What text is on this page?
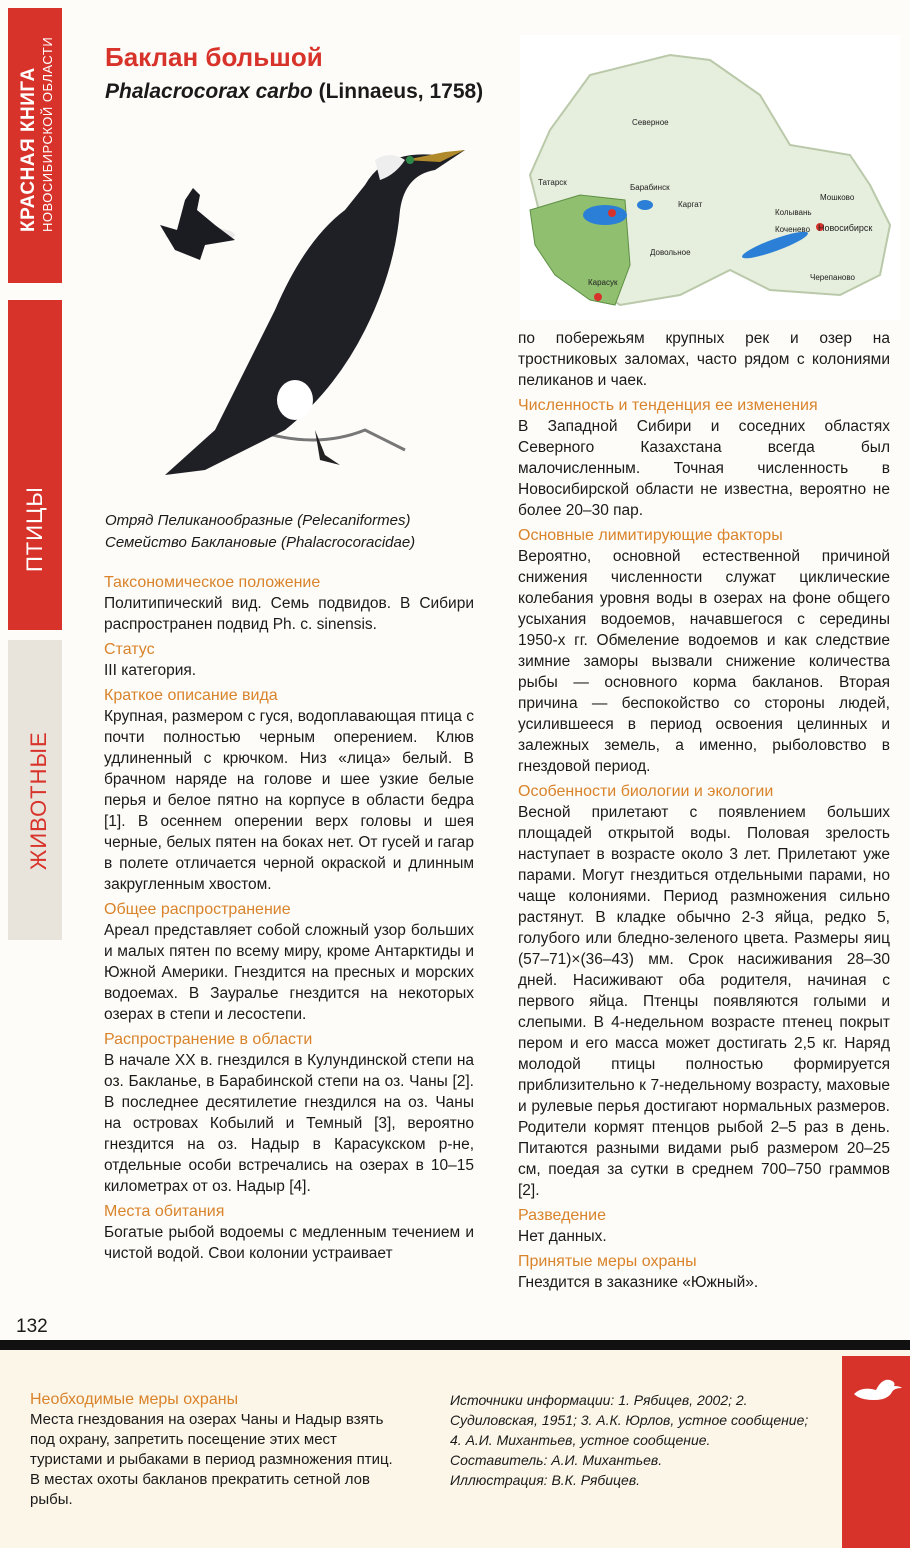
КРАСНАЯ КНИГА НОВОСИБИРСКОЙ ОБЛАСТИ
ПТИЦЫ
ЖИВОТНЫЕ
132
Баклан большой
Phalacrocorax carbo (Linnaeus, 1758)
Северное
Татарск
Барабинск
Каргат
Мошково
Коченево
Колывань
Новосибирск
Довольное
Карасук
Черепаново
Отряд Пеликанообразные (Pelecaniformes)
Семейство Баклановые (Phalacrocoracidae)
Таксономическое положение

Политипический вид. Семь подвидов. В Сибири распространен подвид Ph. c. sinensis.

Статус

III категория.

Краткое описание вида

Крупная, размером с гуся, водоплавающая птица с почти полностью черным оперением. Клюв удлиненный с крючком. Низ «лица» белый. В брачном наряде на голове и шее узкие белые перья и белое пятно на корпусе в области бедра [1]. В осеннем оперении верх головы и шея черные, белых пятен на боках нет. От гусей и гагар в полете отличается черной окраской и длинным закругленным хвостом.

Общее распространение

Ареал представляет собой сложный узор больших и малых пятен по всему миру, кроме Антарктиды и Южной Америки. Гнездится на пресных и морских водоемах. В Зауралье гнездится на некоторых озерах в степи и лесостепи.

Распространение в области

В начале XX в. гнездился в Кулундинской степи на оз. Бакланье, в Барабинской степи на оз. Чаны [2]. В последнее десятилетие гнездился на оз. Чаны на островах Кобылий и Темный [3], вероятно гнездится на оз. Надыр в Карасукском р-не, отдельные особи встречались на озерах в 10–15 километрах от оз. Надыр [4].

Места обитания

Богатые рыбой водоемы с медленным течением и чистой водой. Свои колонии устраивает

по побережьям крупных рек и озер на тростниковых заломах, часто рядом с колониями пеликанов и чаек.

Численность и тенденция ее изменения

В Западной Сибири и соседних областях Северного Казахстана всегда был малочисленным. Точная численность в Новосибирской области не известна, вероятно не более 20–30 пар.

Основные лимитирующие факторы

Вероятно, основной естественной причиной снижения численности служат циклические колебания уровня воды в озерах на фоне общего усыхания водоемов, начавшегося с середины 1950-х гг. Обмеление водоемов и как следствие зимние заморы вызвали снижение количества рыбы — основного корма бакланов. Вторая причина — беспокойство со стороны людей, усилившееся в период освоения целинных и залежных земель, а именно, рыболовство в гнездовой период.

Особенности биологии и экологии

Весной прилетают с появлением больших площадей открытой воды. Половая зрелость наступает в возрасте около 3 лет. Прилетают уже парами. Могут гнездиться отдельными парами, но чаще колониями. Период размножения сильно растянут. В кладке обычно 2-3 яйца, редко 5, голубого или бледно-зеленого цвета. Размеры яиц (57–71)×(36–43) мм. Срок насиживания 28–30 дней. Насиживают оба родителя, начиная с первого яйца. Птенцы появляются голыми и слепыми. В 4-недельном возрасте птенец покрыт пером и его масса может достигать 2,5 кг. Наряд молодой птицы полностью формируется приблизительно к 7-недельному возрасту, маховые и рулевые перья достигают нормальных размеров. Родители кормят птенцов рыбой 2–5 раз в день. Питаются разными видами рыб размером 20–25 см, поедая за сутки в среднем 700–750 граммов [2].

Разведение

Нет данных.

Принятые меры охраны

Гнездится в заказнике «Южный».

Необходимые меры охраны
Места гнездования на озерах Чаны и Надыр взять под охрану, запретить посещение этих мест туристами и рыбаками в период размножения птиц. В местах охоты бакланов прекратить сетной лов рыбы.
Источники информации: 1. Рябицев, 2002; 2. Судиловская, 1951; 3. А.К. Юрлов, устное сообщение; 4. А.И. Михантьев, устное сообщение.
Составитель: А.И. Михантьев.
Иллюстрация: В.К. Рябицев.
